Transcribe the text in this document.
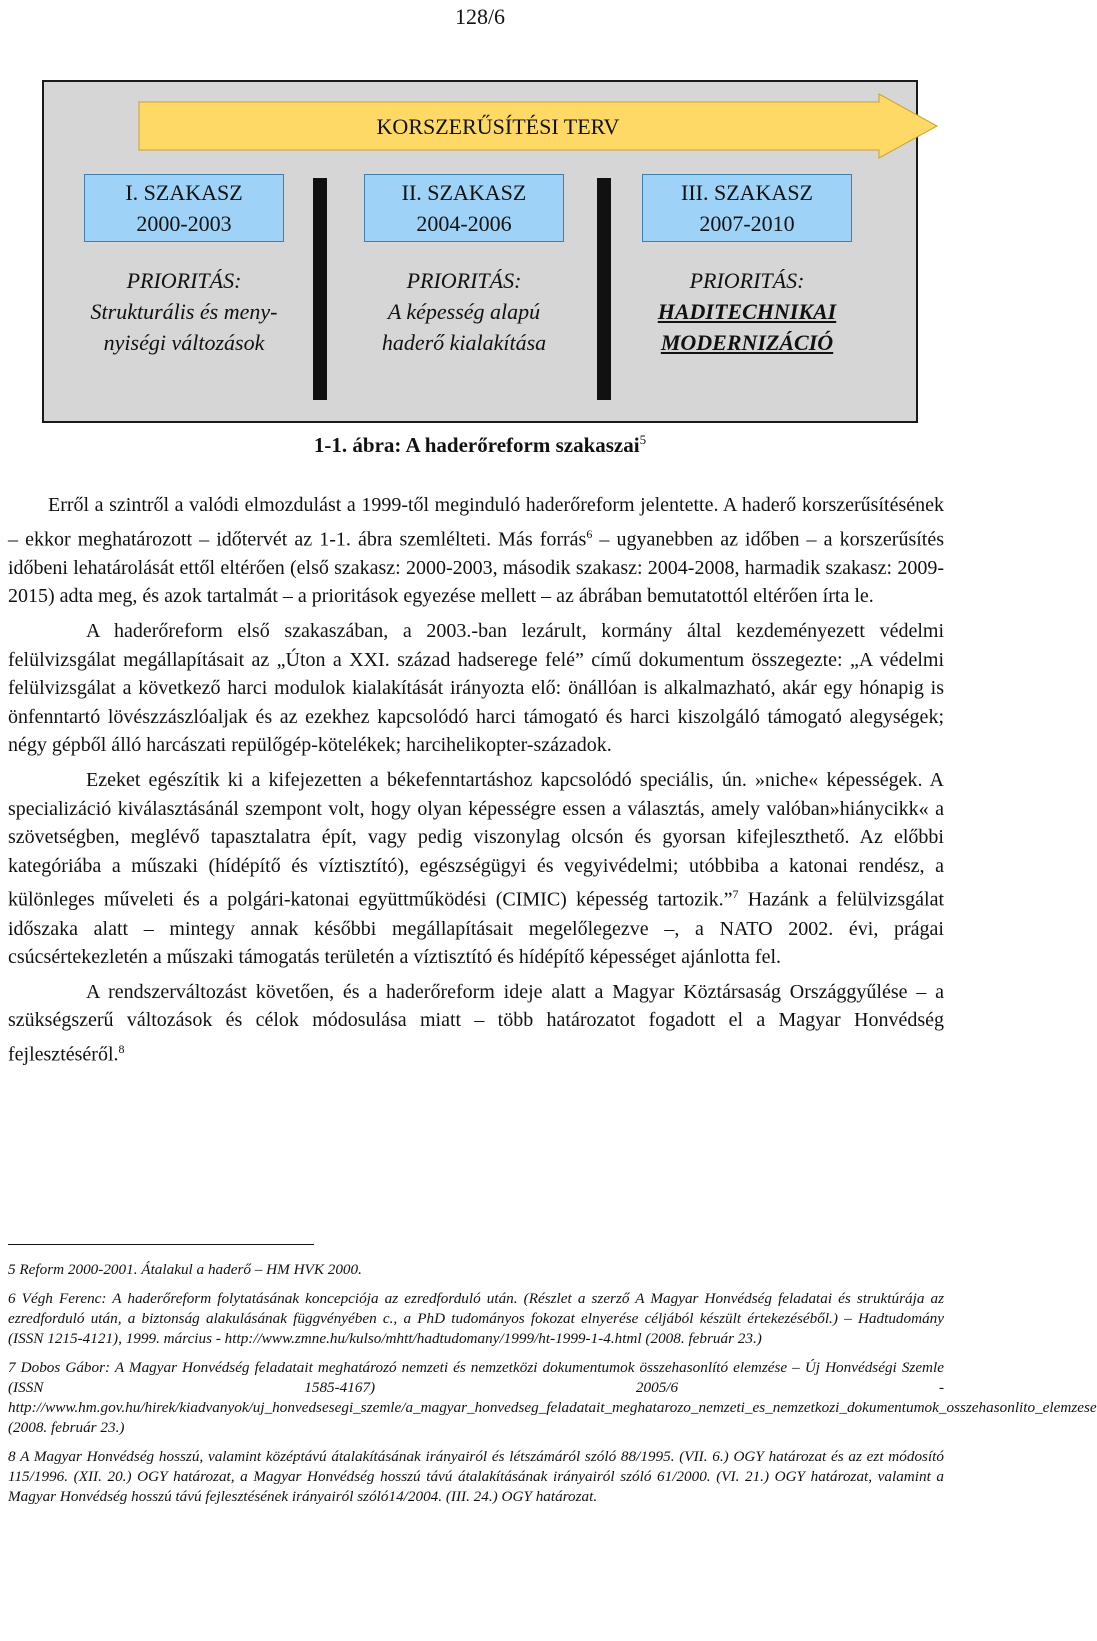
128/6
KORSZERŰSÍTÉSI TERV
I. SZAKASZ
2000-2003
II. SZAKASZ
2004-2006
III. SZAKASZ
2007-2010
PRIORITÁS:
Strukturális és meny-
nyiségi változások
PRIORITÁS:
A képesség alapú
haderő kialakítása
PRIORITÁS:
HADITECHNIKAI
MODERNIZÁCIÓ
1-1. ábra: A haderőreform szakaszai$^5$

Erről a szintről a valódi elmozdulást a 1999-től meginduló haderőreform jelentette. A haderő korszerűsítésének – ekkor meghatározott – időtervét az 1-1. ábra szemlélteti. Más forrás$^6$ – ugyanebben az időben – a korszerűsítés időbeni lehatárolását ettől eltérően (első szakasz: 2000-2003, második szakasz: 2004-2008, harmadik szakasz: 2009-2015) adta meg, és azok tartalmát – a prioritások egyezése mellett – az ábrában bemutatottól eltérően írta le.

A haderőreform első szakaszában, a 2003.-ban lezárult, kormány által kezdeményezett védelmi felülvizsgálat megállapításait az „Úton a XXI. század hadserege felé” című dokumentum összegezte: „A védelmi felülvizsgálat a következő harci modulok kialakítását irányozta elő: önállóan is alkalmazható, akár egy hónapig is önfenntartó lövészzászlóaljak és az ezekhez kapcsolódó harci támogató és harci kiszolgáló támogató alegységek; négy gépből álló harcászati repülőgép-kötelékek; harcihelikopter-századok.

Ezeket egészítik ki a kifejezetten a békefenntartáshoz kapcsolódó speciális, ún. »niche« képességek. A specializáció kiválasztásánál szempont volt, hogy olyan képességre essen a választás, amely valóban»hiánycikk« a szövetségben, meglévő tapasztalatra épít, vagy pedig viszonylag olcsón és gyorsan kifejleszthető. Az előbbi kategóriába a műszaki (hídépítő és víztisztító), egészségügyi és vegyivédelmi; utóbbiba a katonai rendész, a különleges műveleti és a polgári-katonai együttműködési (CIMIC) képesség tartozik.”$^7$ Hazánk a felülvizsgálat időszaka alatt – mintegy annak későbbi megállapításait megelőlegezve –, a NATO 2002. évi, prágai csúcsértekezletén a műszaki támogatás területén a víztisztító és hídépítő képességet ajánlotta fel.

A rendszerváltozást követően, és a haderőreform ideje alatt a Magyar Köztársaság Országgyűlése – a szükségszerű változások és célok módosulása miatt – több határozatot fogadott el a Magyar Honvédség fejlesztéséről.$^8$

5 Reform 2000-2001. Átalakul a haderő – HM HVK 2000.

6 Végh Ferenc: A haderőreform folytatásának koncepciója az ezredforduló után. (Részlet a szerző A Magyar Honvédség feladatai és struktúrája az ezredforduló után, a biztonság alakulásának függvényében c., a PhD tudományos fokozat elnyerése céljából készült értekezéséből.) – Hadtudomány (ISSN 1215-4121), 1999. március - http://www.zmne.hu/kulso/mhtt/hadtudomany/1999/ht-1999-1-4.html (2008. február 23.)

7 Dobos Gábor: A Magyar Honvédség feladatait meghatározó nemzeti és nemzetközi dokumentumok összehasonlító elemzése – Új Honvédségi Szemle (ISSN 1585-4167) 2005/6 - http://www.hm.gov.hu/hirek/kiadvanyok/uj_honvedsesegi_szemle/a_magyar_honvedseg_feladatait_meghatarozo_nemzeti_es_nemzetkozi_dokumentumok_osszehasonlito_elemzese (2008. február 23.)

8 A Magyar Honvédség hosszú, valamint középtávú átalakításának irányairól és létszámáról szóló 88/1995. (VII. 6.) OGY határozat és az ezt módosító 115/1996. (XII. 20.) OGY határozat, a Magyar Honvédség hosszú távú átalakításának irányairól szóló 61/2000. (VI. 21.) OGY határozat, valamint a Magyar Honvédség hosszú távú fejlesztésének irányairól szóló14/2004. (III. 24.) OGY határozat.
